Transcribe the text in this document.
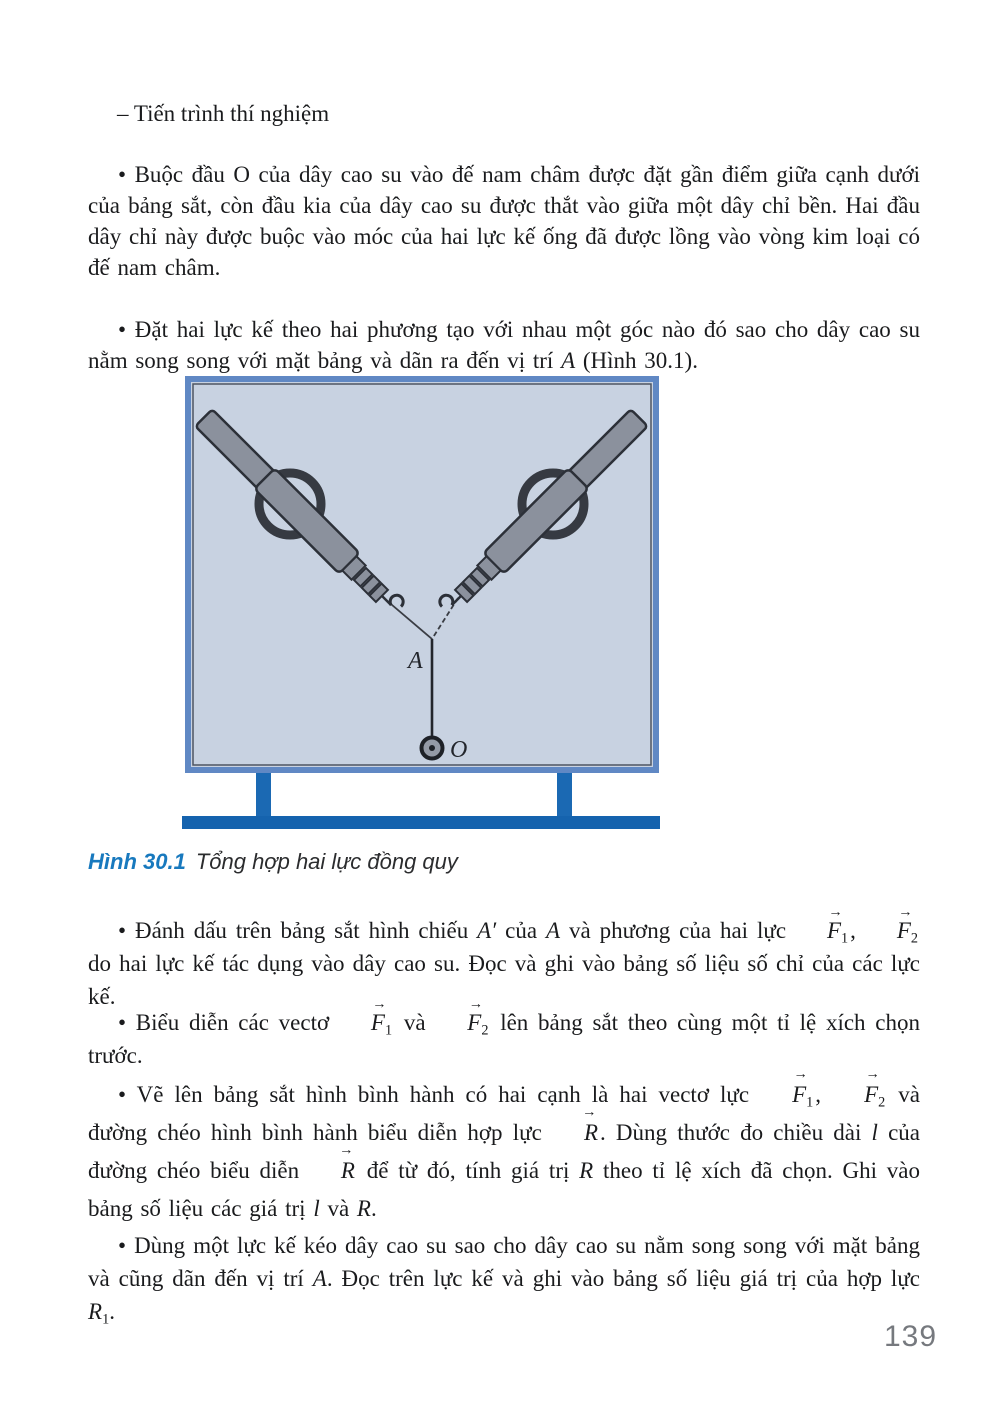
– Tiến trình thí nghiệm

• Buộc đầu O của dây cao su vào đế nam châm được đặt gần điểm giữa cạnh dưới của bảng sắt, còn đầu kia của dây cao su được thắt vào giữa một dây chỉ bền. Hai đầu dây chỉ này được buộc vào móc của hai lực kế ống đã được lồng vào vòng kim loại có đế nam châm.

• Đặt hai lực kế theo hai phương tạo với nhau một góc nào đó sao cho dây cao su nằm song song với mặt bảng và dãn ra đến vị trí A (Hình 30.1).

A
O
Hình 30.1 Tổng hợp hai lực đồng quy

• Đánh dấu trên bảng sắt hình chiếu A′ của A và phương của hai lực
→
$F_1$,
→
$F_2$ do hai lực kế tác dụng vào dây cao su. Đọc và ghi vào bảng số liệu số chỉ của các lực kế.

• Biểu diễn các vectơ
→
$F_1$ và
→
$F_2$ lên bảng sắt theo cùng một tỉ lệ xích chọn trước.

• Vẽ lên bảng sắt hình bình hành có hai cạnh là hai vectơ lực
→
$F_1$,
→
$F_2$ và đường chéo hình bình hành biểu diễn hợp lực
→
R. Dùng thước đo chiều dài l của đường chéo biểu diễn
→
R để từ đó, tính giá trị R theo tỉ lệ xích đã chọn. Ghi vào bảng số liệu các giá trị l và R.

• Dùng một lực kế kéo dây cao su sao cho dây cao su nằm song song với mặt bảng và cũng dãn đến vị trí A. Đọc trên lực kế và ghi vào bảng số liệu giá trị của hợp lực $R_1$.

139
